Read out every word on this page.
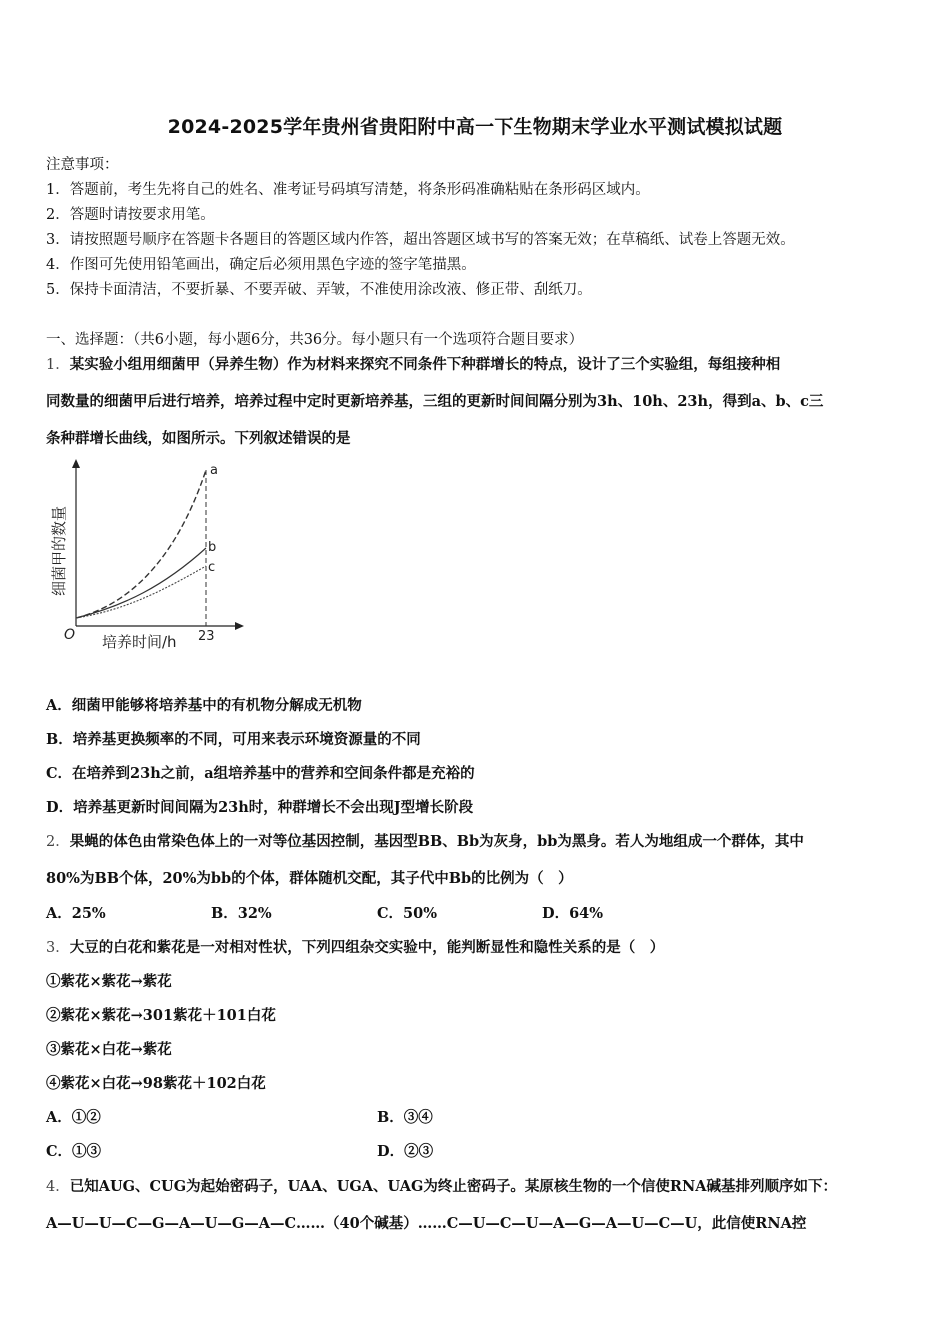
2024-2025学年贵州省贵阳附中高一下生物期末学业水平测试模拟试题
注意事项：
1．答题前，考生先将自己的姓名、准考证号码填写清楚，将条形码准确粘贴在条形码区域内。
2．答题时请按要求用笔。
3．请按照题号顺序在答题卡各题目的答题区域内作答，超出答题区域书写的答案无效；在草稿纸、试卷上答题无效。
4．作图可先使用铅笔画出，确定后必须用黑色字迹的签字笔描黑。
5．保持卡面清洁，不要折暴、不要弄破、弄皱，不准使用涂改液、修正带、刮纸刀。
一、选择题：（共6小题，每小题6分，共36分。每小题只有一个选项符合题目要求）
1．某实验小组用细菌甲（异养生物）作为材料来探究不同条件下种群增长的特点，设计了三个实验组，每组接种相
同数量的细菌甲后进行培养，培养过程中定时更新培养基，三组的更新时间间隔分别为3h、10h、23h，得到a、b、c三
条种群增长曲线，如图所示。下列叙述错误的是
a
b
c
O 培养时间/h 23
细菌甲的数量
A．细菌甲能够将培养基中的有机物分解成无机物
B．培养基更换频率的不同，可用来表示环境资源量的不同
C．在培养到23h之前，a组培养基中的营养和空间条件都是充裕的
D．培养基更新时间间隔为23h时，种群增长不会出现J型增长阶段
2．果蝇的体色由常染色体上的一对等位基因控制，基因型BB、Bb为灰身，bb为黑身。若人为地组成一个群体，其中
80%为BB个体，20%为bb的个体，群体随机交配，其子代中Bb的比例为（　）
A．25%	B．32%	C．50%	D．64%
3．大豆的白花和紫花是一对相对性状，下列四组杂交实验中，能判断显性和隐性关系的是（　）
①紫花×紫花→紫花
②紫花×紫花→301紫花＋101白花
③紫花×白花→紫花
④紫花×白花→98紫花＋102白花
A．①②	B．③④
C．①③	D．②③
4．已知AUG、CUG为起始密码子，UAA、UGA、UAG为终止密码子。某原核生物的一个信使RNA碱基排列顺序如下：
A—U—U—C—G—A—U—G—A—C……（40个碱基）……C—U—C—U—A—G—A—U—C—U，此信使RNA控
